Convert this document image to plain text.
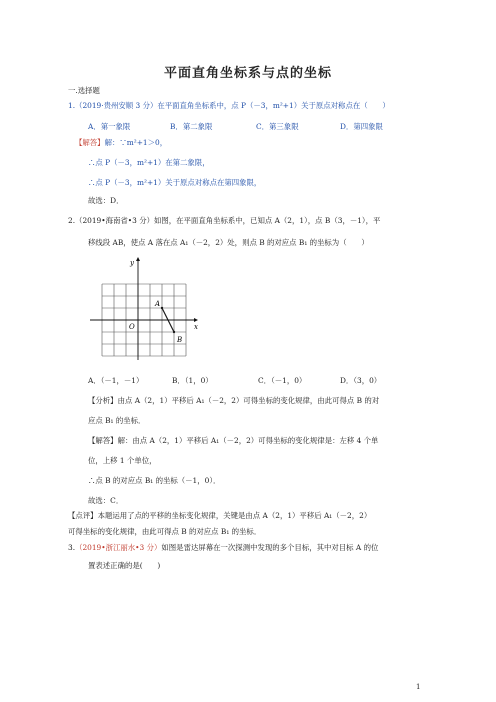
平面直角坐标系与点的坐标
一.选择题
1.（2019·贵州安顺 3 分）在平面直角坐标系中，点 P（－3，m²+1）关于原点对称点在（　　）
A．第一象限	B．第二象限	C．第三象限	D．第四象限
【解答】解：∵m²+1＞0，
∴点 P（－3，m²+1）在第二象限，
∴点 P（－3，m²+1）关于原点对称点在第四象限，
故选：D．
2.（2019•海南省•3 分）如图，在平面直角坐标系中，已知点 A（2，1），点 B（3，－1），平
移线段 AB，使点 A 落在点 A₁（－2，2）处，则点 B 的对应点 B₁ 的坐标为（　　）
y
x
O
A
B
A．（－1，－1）	B．（1，0）	C．（－1，0）	D．（3，0）
【分析】由点 A（2，1）平移后 A₁（－2，2）可得坐标的变化规律，由此可得点 B 的对
应点 B₁ 的坐标．
【解答】解：由点 A（2，1）平移后 A₁（－2，2）可得坐标的变化规律是：左移 4 个单
位，上移 1 个单位，
∴点 B 的对应点 B₁ 的坐标（－1，0）．
故选：C．
【点评】本题运用了点的平移的坐标变化规律，关键是由点 A（2，1）平移后 A₁（－2，2）
可得坐标的变化规律，由此可得点 B 的对应点 B₁ 的坐标．
3.（2019•浙江丽水•3 分）如图是雷达屏幕在一次探测中发现的多个目标，其中对目标 A 的位
置表述正确的是(　　)
1
